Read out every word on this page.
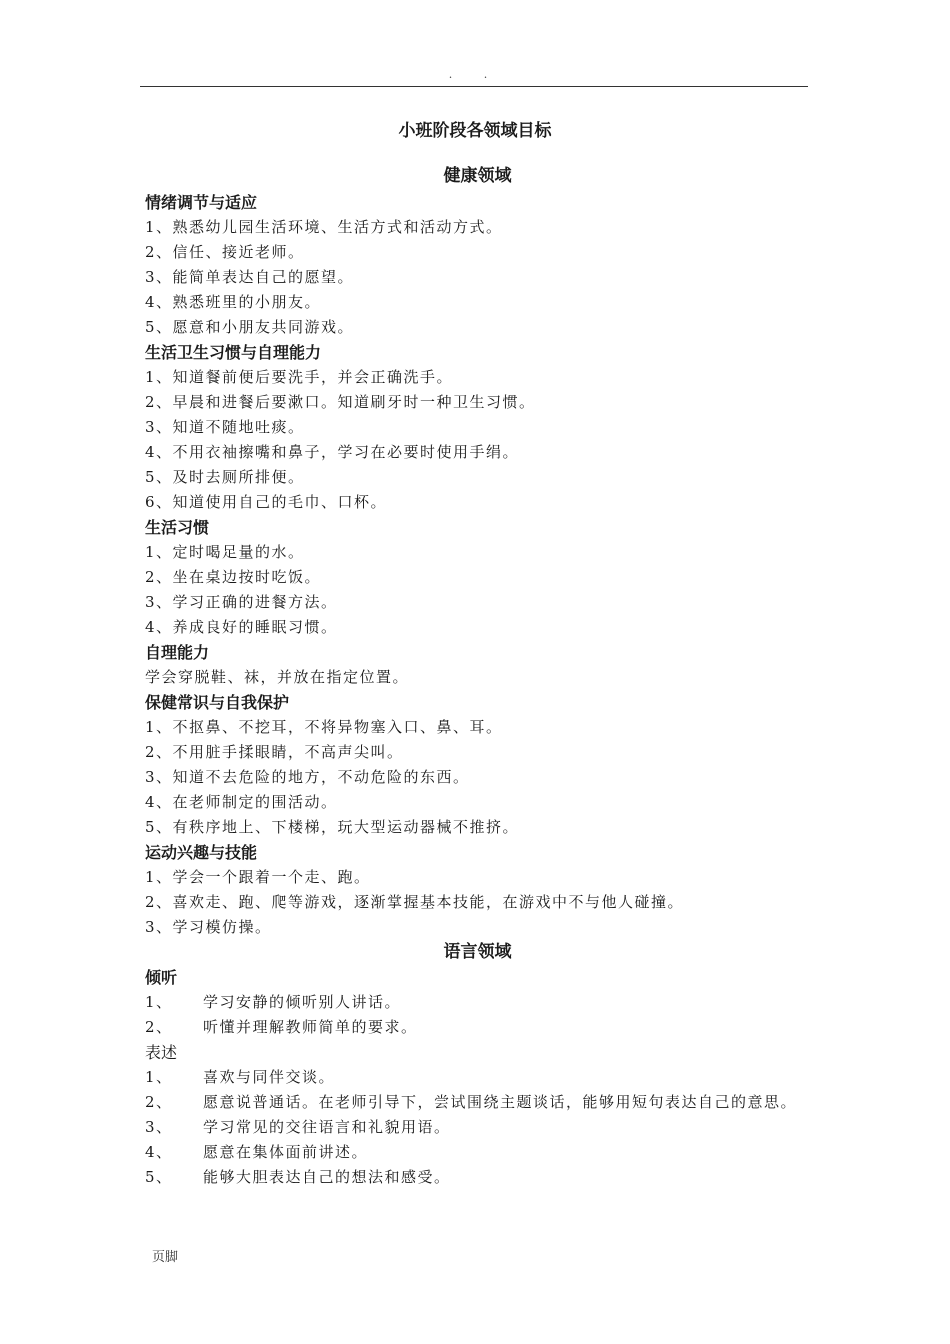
. .
小班阶段各领域目标
健康领域
情绪调节与适应
1、熟悉幼儿园生活环境、生活方式和活动方式。
2、信任、接近老师。
3、能简单表达自己的愿望。
4、熟悉班里的小朋友。
5、愿意和小朋友共同游戏。
生活卫生习惯与自理能力
1、知道餐前便后要洗手，并会正确洗手。
2、早晨和进餐后要漱口。知道刷牙时一种卫生习惯。
3、知道不随地吐痰。
4、不用衣袖擦嘴和鼻子，学习在必要时使用手绢。
5、及时去厕所排便。
6、知道使用自己的毛巾、口杯。
生活习惯
1、定时喝足量的水。
2、坐在桌边按时吃饭。
3、学习正确的进餐方法。
4、养成良好的睡眠习惯。
自理能力
学会穿脱鞋、袜，并放在指定位置。
保健常识与自我保护
1、不抠鼻、不挖耳，不将异物塞入口、鼻、耳。
2、不用脏手揉眼睛，不高声尖叫。
3、知道不去危险的地方，不动危险的东西。
4、在老师制定的围活动。
5、有秩序地上、下楼梯，玩大型运动器械不推挤。
运动兴趣与技能
1、学会一个跟着一个走、跑。
2、喜欢走、跑、爬等游戏，逐渐掌握基本技能，在游戏中不与他人碰撞。
3、学习模仿操。
语言领域
倾听
1、	学习安静的倾听别人讲话。
2、	听懂并理解教师简单的要求。
表述
1、	喜欢与同伴交谈。
2、	愿意说普通话。在老师引导下，尝试围绕主题谈话，能够用短句表达自己的意思。
3、	学习常见的交往语言和礼貌用语。
4、	愿意在集体面前讲述。
5、	能够大胆表达自己的想法和感受。
页脚
